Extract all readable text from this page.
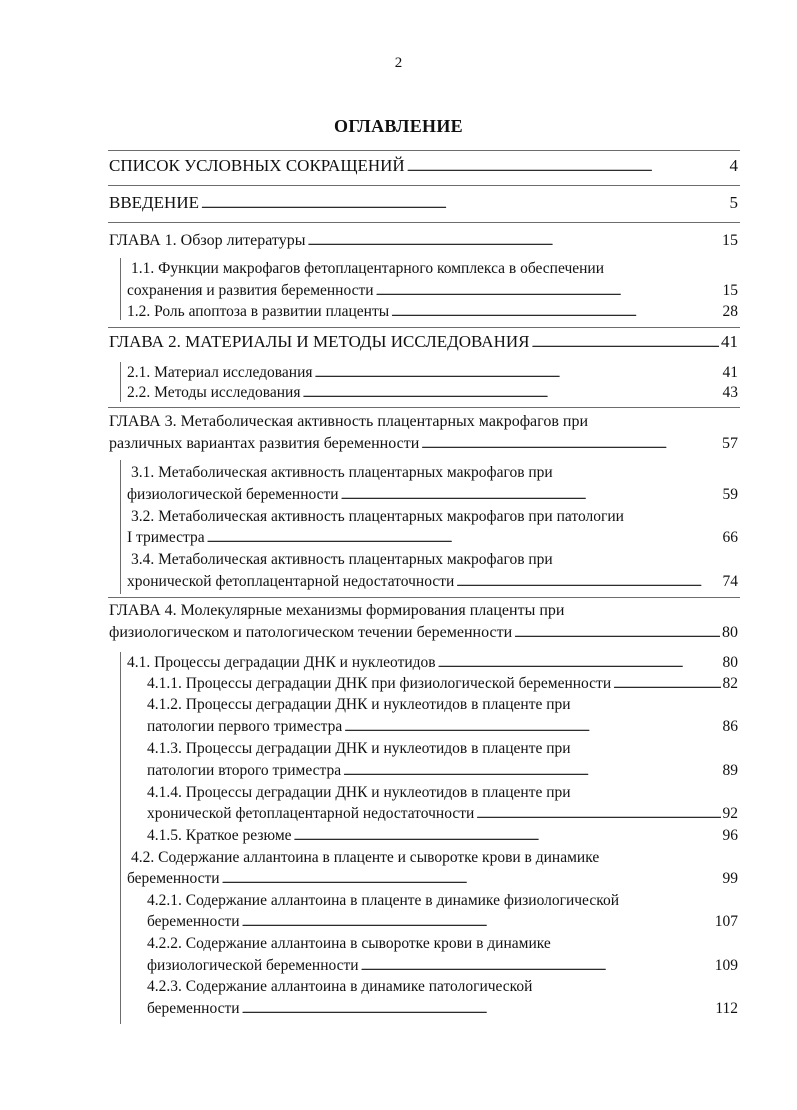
2
ОГЛАВЛЕНИЕ
СПИСОК УСЛОВНЫХ СОКРАЩЕНИЙ . . .	4
ВВЕДЕНИЕ . . .	5
ГЛАВА 1. Обзор литературы . . .	15
1.1. Функции макрофагов фетоплацентарного комплекса в обеспечении
сохранения и развития беременности . . .	15
1.2. Роль апоптоза в развитии плаценты . . .	28
ГЛАВА 2. МАТЕРИАЛЫ И МЕТОДЫ ИССЛЕДОВАНИЯ . . .	41
2.1. Материал исследования . . .	41
2.2. Методы исследования . . .	43
ГЛАВА 3. Метаболическая активность плацентарных макрофагов при
различных вариантах развития беременности . . .	57
3.1. Метаболическая активность плацентарных макрофагов при
физиологической беременности . . .	59
3.2. Метаболическая активность плацентарных макрофагов при патологии
I триместра . . .	66
3.4. Метаболическая активность плацентарных макрофагов при
хронической фетоплацентарной недостаточности . . .	74
ГЛАВА 4. Молекулярные механизмы формирования плаценты при
физиологическом и патологическом течении беременности . . .	80
4.1. Процессы деградации ДНК и нуклеотидов . . .	80
4.1.1. Процессы деградации ДНК при физиологической беременности . . .	82
4.1.2. Процессы деградации ДНК и нуклеотидов в плаценте при
патологии первого триместра . . .	86
4.1.3. Процессы деградации ДНК и нуклеотидов в плаценте при
патологии второго триместра . . .	89
4.1.4. Процессы деградации ДНК и нуклеотидов в плаценте при
хронической фетоплацентарной недостаточности . . .	92
4.1.5. Краткое резюме . . .	96
4.2. Содержание аллантоина в плаценте и сыворотке крови в динамике
беременности . . .	99
4.2.1. Содержание аллантоина в плаценте в динамике физиологической
беременности . . .	107
4.2.2. Содержание аллантоина в сыворотке крови в динамике
физиологической беременности . . .	109
4.2.3. Содержание аллантоина в динамике патологической
беременности . . .	112
